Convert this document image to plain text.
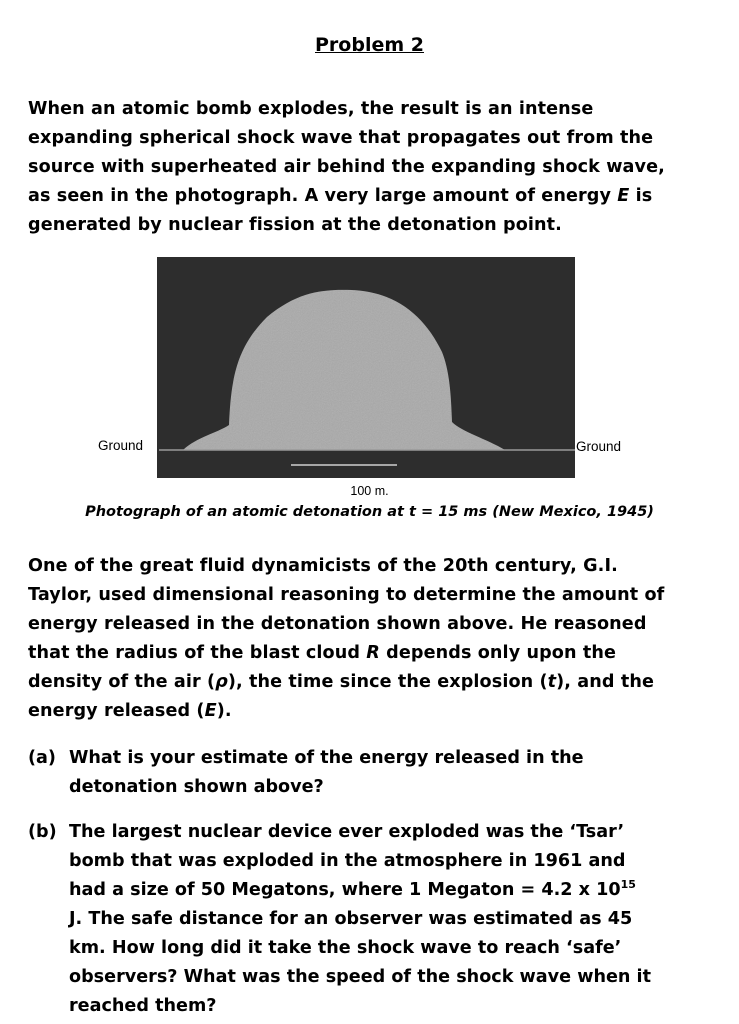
Problem 2
When an atomic bomb explodes, the result is an intense
expanding spherical shock wave that propagates out from the
source with superheated air behind the expanding shock wave,
as seen in the photograph. A very large amount of energy E is
generated by nuclear fission at the detonation point.
Ground	Ground
100 m.
Photograph of an atomic detonation at t = 15 ms (New Mexico, 1945)
One of the great fluid dynamicists of the 20th century, G.I.
Taylor, used dimensional reasoning to determine the amount of
energy released in the detonation shown above. He reasoned
that the radius of the blast cloud R depends only upon the
density of the air (ρ), the time since the explosion (t), and the
energy released (E).
(a) What is your estimate of the energy released in the
detonation shown above?
(b) The largest nuclear device ever exploded was the ‘Tsar’
bomb that was exploded in the atmosphere in 1961 and
had a size of 50 Megatons, where 1 Megaton = 4.2 x $10^{15}$
J. The safe distance for an observer was estimated as 45
km. How long did it take the shock wave to reach ‘safe’
observers? What was the speed of the shock wave when it
reached them?
